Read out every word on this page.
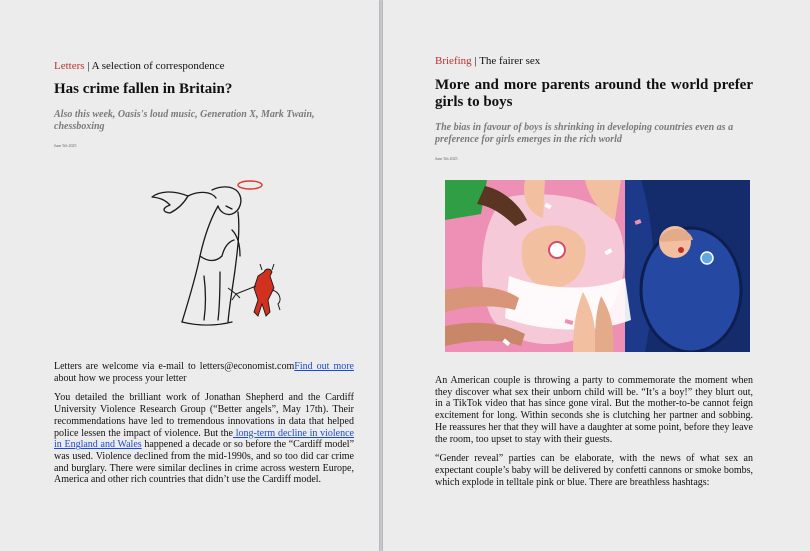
Letters | A selection of correspondence
Has crime fallen in Britain?
Also this week, Oasis's loud music, Generation X, Mark Twain, chessboxing
June 5th 2025

Letters are welcome via e-mail to letters@economist.comFind out more about how we process your letter

You detailed the brilliant work of Jonathan Shepherd and the Cardiff University Violence Research Group (“Better angels”, May 17th). Their recommendations have led to tremendous innovations in data that helped police lessen the impact of violence. But the long-term decline in violence in England and Wales happened a decade or so before the “Cardiff model” was used. Violence declined from the mid-1990s, and so too did car crime and burglary. There were similar declines in crime across western Europe, America and other rich countries that didn’t use the Cardiff model.

Briefing | The fairer sex
More and more parents around the world prefer girls to boys
The bias in favour of boys is shrinking in developing countries even as a preference for girls emerges in the rich world
June 5th 2025

An American couple is throwing a party to commemorate the moment when they discover what sex their unborn child will be. “It’s a boy!” they blurt out, in a TikTok video that has since gone viral. But the mother-to-be cannot feign excitement for long. Within seconds she is clutching her partner and sobbing. He reassures her that they will have a daughter at some point, before they leave the room, too upset to stay with their guests.

“Gender reveal” parties can be elaborate, with the news of what sex an expectant couple’s baby will be delivered by confetti cannons or smoke bombs, which explode in telltale pink or blue. There are breathless hashtags:
